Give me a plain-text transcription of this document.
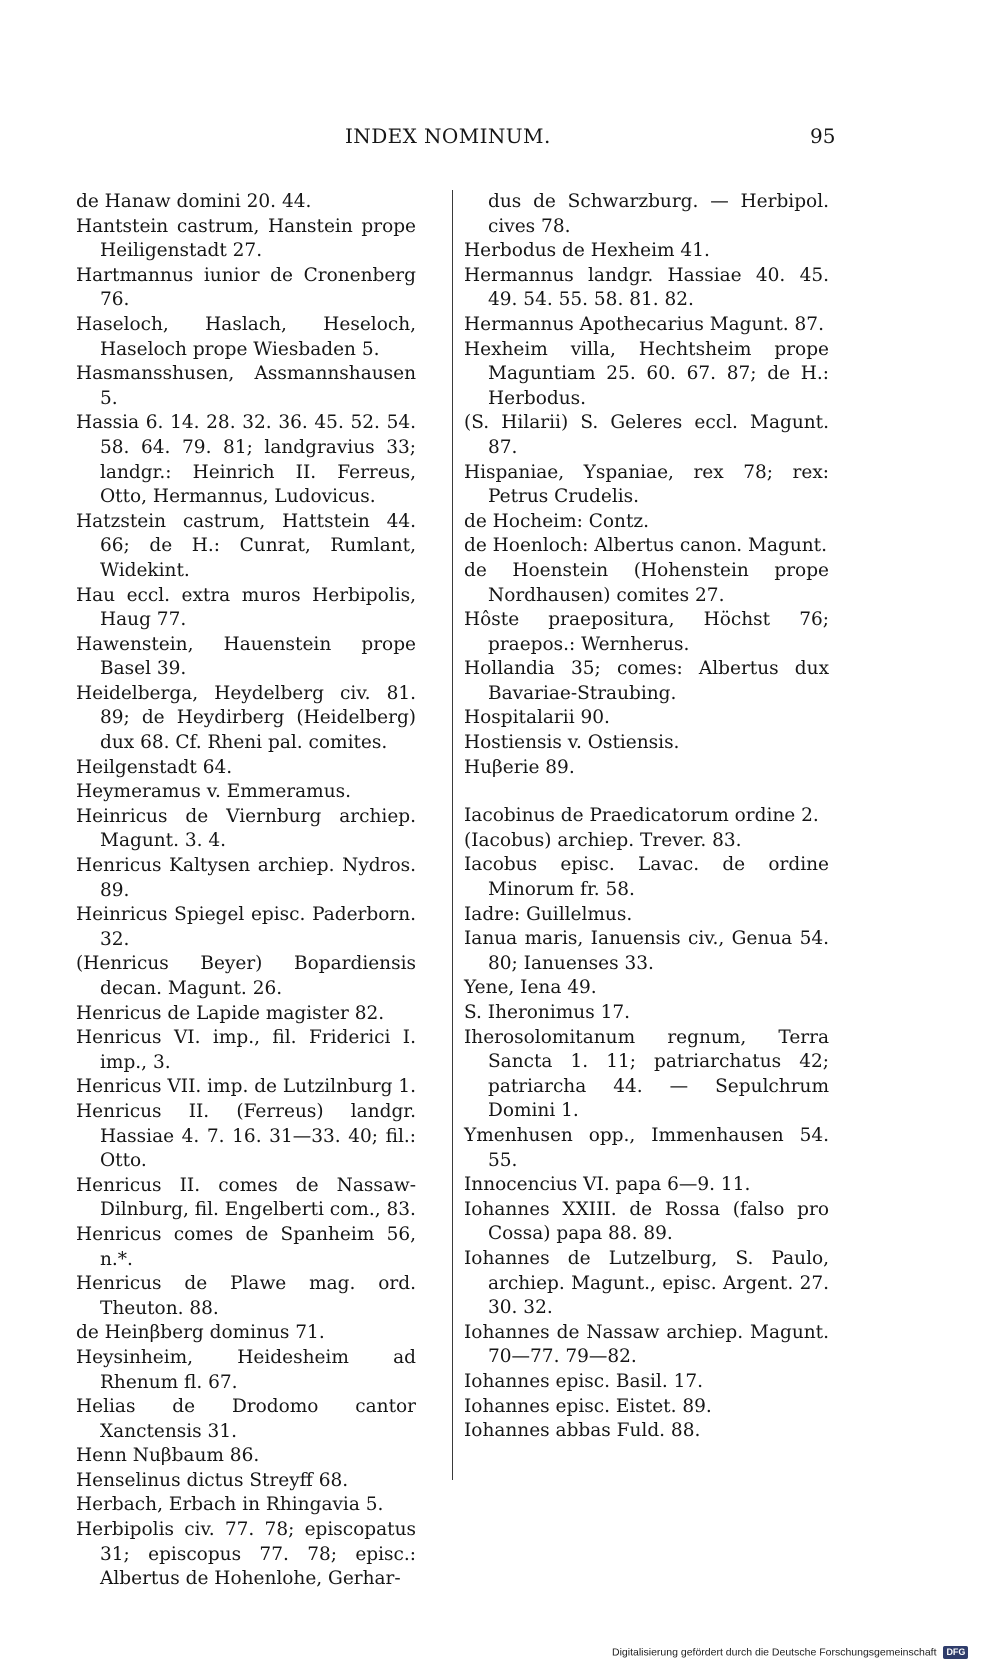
INDEX NOMINUM.	95
de Hanaw domini 20. 44.
Hantstein castrum, Hanstein prope Heiligenstadt 27.
Hartmannus iunior de Cronenberg 76.
Haseloch, Haslach, Heseloch, Haseloch prope Wiesbaden 5.
Hasmansshusen, Assmannshausen 5.
Hassia 6. 14. 28. 32. 36. 45. 52. 54. 58. 64. 79. 81; landgravius 33; landgr.: Heinrich II. Ferreus, Otto, Hermannus, Ludovicus.
Hatzstein castrum, Hattstein 44. 66; de H.: Cunrat, Rumlant, Widekint.
Hau eccl. extra muros Herbipolis, Haug 77.
Hawenstein, Hauenstein prope Basel 39.
Heidelberga, Heydelberg civ. 81. 89; de Heydirberg (Heidelberg) dux 68. Cf. Rheni pal. comites.
Heilgenstadt 64.
Heymeramus v. Emmeramus.
Heinricus de Viernburg archiep. Magunt. 3. 4.
Henricus Kaltysen archiep. Nydros. 89.
Heinricus Spiegel episc. Paderborn. 32.
(Henricus Beyer) Bopardiensis decan. Magunt. 26.
Henricus de Lapide magister 82.
Henricus VI. imp., fil. Friderici I. imp., 3.
Henricus VII. imp. de Lutzilnburg 1.
Henricus II. (Ferreus) landgr. Hassiae 4. 7. 16. 31—33. 40; fil.: Otto.
Henricus II. comes de Nassaw-Dilnburg, fil. Engelberti com., 83.
Henricus comes de Spanheim 56, n.*.
Henricus de Plawe mag. ord. Theuton. 88.
de Heinβberg dominus 71.
Heysinheim, Heidesheim ad Rhenum fl. 67.
Helias de Drodomo cantor Xanctensis 31.
Henn Nuβbaum 86.
Henselinus dictus Streyff 68.
Herbach, Erbach in Rhingavia 5.
Herbipolis civ. 77. 78; episcopatus 31; episcopus 77. 78; episc.: Albertus de Hohenlohe, Gerhar-
dus de Schwarzburg. — Herbipol. cives 78.
Herbodus de Hexheim 41.
Hermannus landgr. Hassiae 40. 45. 49. 54. 55. 58. 81. 82.
Hermannus Apothecarius Magunt. 87.
Hexheim villa, Hechtsheim prope Maguntiam 25. 60. 67. 87; de H.: Herbodus.
(S. Hilarii) S. Geleres eccl. Magunt. 87.
Hispaniae, Yspaniae, rex 78; rex: Petrus Crudelis.
de Hocheim: Contz.
de Hoenloch: Albertus canon. Magunt.
de Hoenstein (Hohenstein prope Nordhausen) comites 27.
Hôste praepositura, Höchst 76; praepos.: Wernherus.
Hollandia 35; comes: Albertus dux Bavariae-Straubing.
Hospitalarii 90.
Hostiensis v. Ostiensis.
Huβerie 89.
Iacobinus de Praedicatorum ordine 2.
(Iacobus) archiep. Trever. 83.
Iacobus episc. Lavac. de ordine Minorum fr. 58.
Iadre: Guillelmus.
Ianua maris, Ianuensis civ., Genua 54. 80; Ianuenses 33.
Yene, Iena 49.
S. Iheronimus 17.
Iherosolomitanum regnum, Terra Sancta 1. 11; patriarchatus 42; patriarcha 44. — Sepulchrum Domini 1.
Ymenhusen opp., Immenhausen 54. 55.
Innocencius VI. papa 6—9. 11.
Iohannes XXIII. de Rossa (falso pro Cossa) papa 88. 89.
Iohannes de Lutzelburg, S. Paulo, archiep. Magunt., episc. Argent. 27. 30. 32.
Iohannes de Nassaw archiep. Magunt. 70—77. 79—82.
Iohannes episc. Basil. 17.
Iohannes episc. Eistet. 89.
Iohannes abbas Fuld. 88.
Digitalisierung gefördert durch die Deutsche Forschungsgemeinschaft DFG
